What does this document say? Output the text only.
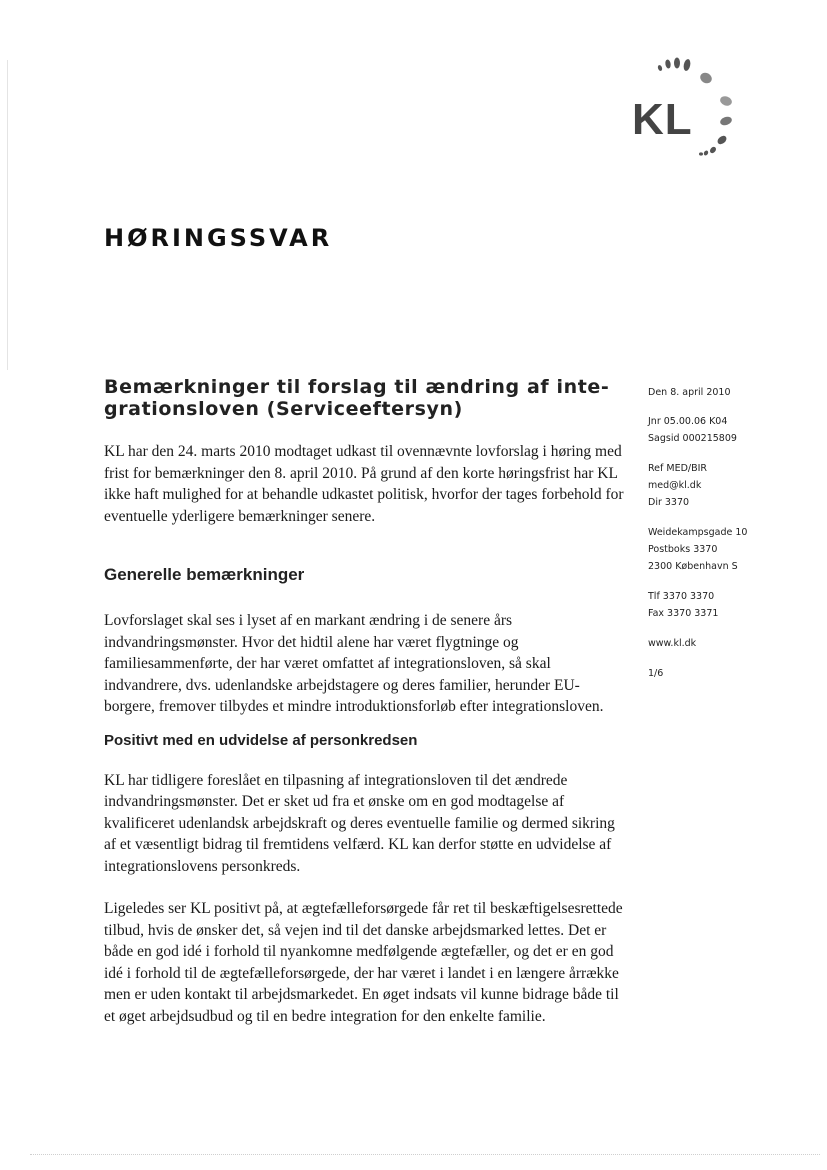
KL
HØRINGSSVAR
Bemærkninger til forslag til ændring af inte-
grationsloven (Serviceeftersyn)

KL har den 24. marts 2010 modtaget udkast til ovennævnte lovforslag i høring med frist for bemærkninger den 8. april 2010. På grund af den korte høringsfrist har KL ikke haft mulighed for at behandle udkastet politisk, hvorfor der tages forbehold for eventuelle yderligere bemærkninger senere.

Generelle bemærkninger

Lovforslaget skal ses i lyset af en markant ændring i de senere års indvandringsmønster. Hvor det hidtil alene har været flygtninge og familiesammenførte, der har været omfattet af integrationsloven, så skal indvandrere, dvs. udenlandske arbejdstagere og deres familier, herunder EU-borgere, fremover tilbydes et mindre introduktionsforløb efter integrationsloven.

Positivt med en udvidelse af personkredsen

KL har tidligere foreslået en tilpasning af integrationsloven til det ændrede indvandringsmønster. Det er sket ud fra et ønske om en god modtagelse af kvalificeret udenlandsk arbejdskraft og deres eventuelle familie og dermed sikring af et væsentligt bidrag til fremtidens velfærd. KL kan derfor støtte en udvidelse af integrationslovens personkreds.

Ligeledes ser KL positivt på, at ægtefælleforsørgede får ret til beskæftigelsesrettede tilbud, hvis de ønsker det, så vejen ind til det danske arbejdsmarked lettes. Det er både en god idé i forhold til nyankomne medfølgende ægtefæller, og det er en god idé i forhold til de ægtefælleforsørgede, der har været i landet i en længere årrække men er uden kontakt til arbejdsmarkedet. En øget indsats vil kunne bidrage både til et øget arbejdsudbud og til en bedre integration for den enkelte familie.

Den 8. april 2010
Jnr 05.00.06 K04
Sagsid 000215809
Ref MED/BIR
med@kl.dk
Dir 3370
Weidekampsgade 10
Postboks 3370
2300 København S
Tlf 3370 3370
Fax 3370 3371
www.kl.dk
1/6
